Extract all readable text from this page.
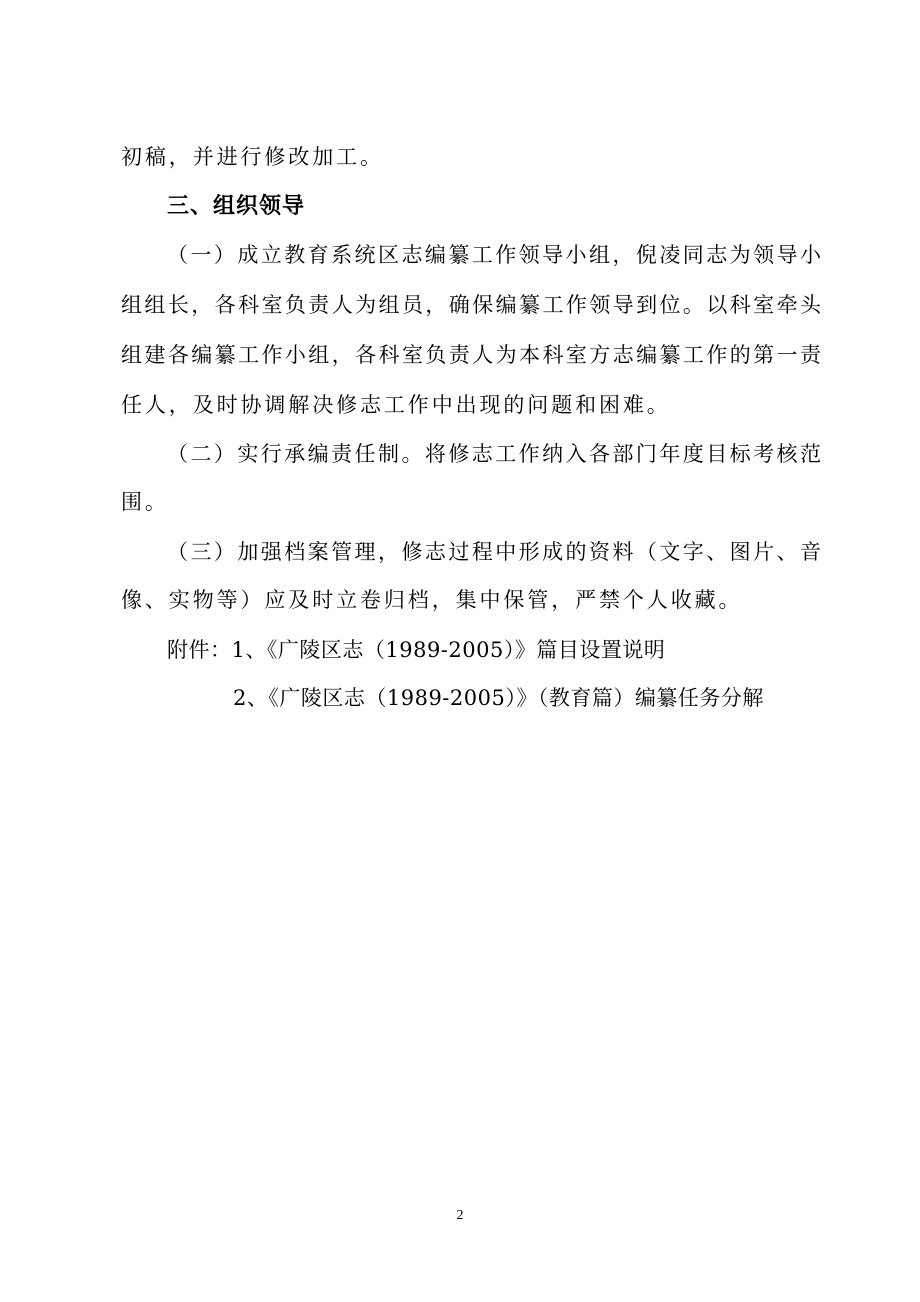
初稿，并进行修改加工。
三、组织领导
（一）成立教育系统区志编纂工作领导小组，倪凌同志为领导小
组组长，各科室负责人为组员，确保编纂工作领导到位。以科室牵头
组建各编纂工作小组，各科室负责人为本科室方志编纂工作的第一责
任人，及时协调解决修志工作中出现的问题和困难。
（二）实行承编责任制。将修志工作纳入各部门年度目标考核范
围。
（三）加强档案管理，修志过程中形成的资料（文字、图片、音
像、实物等）应及时立卷归档，集中保管，严禁个人收藏。
附件：1、《广陵区志（1989-2005）》篇目设置说明
2、《广陵区志（1989-2005）》（教育篇）编纂任务分解
2
